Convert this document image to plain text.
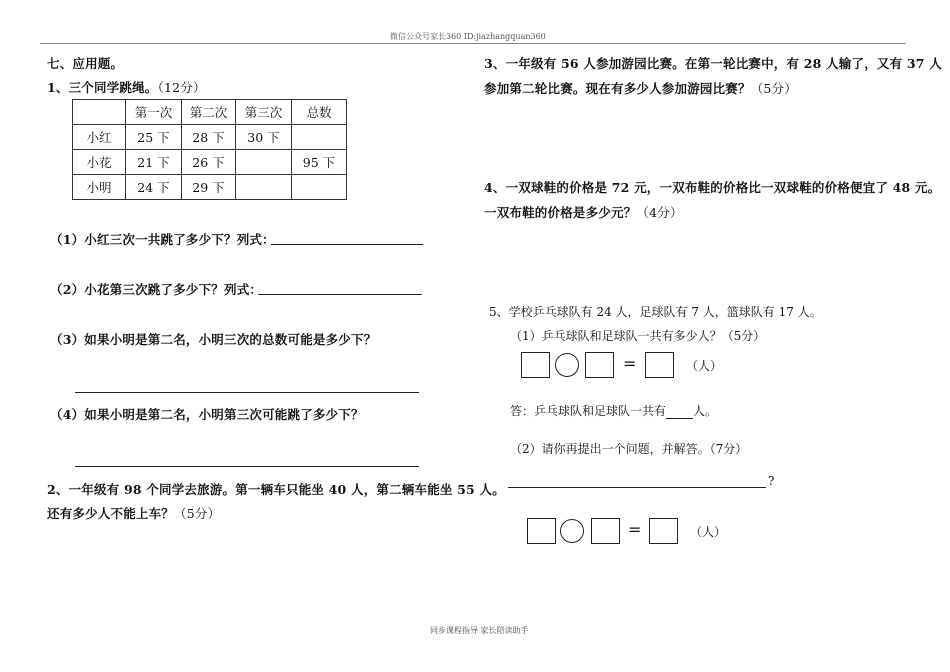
微信公众号家长360 ID:jiazhangquan360
七、应用题。
1、三个同学跳绳。（12分）
	第一次	第二次	第三次	总数
小红	25 下	28 下	30 下	
小花	21 下	26 下		95 下
小明	24 下	29 下		
（1）小红三次一共跳了多少下？列式：
（2）小花第三次跳了多少下？列式：
（3）如果小明是第二名，小明三次的总数可能是多少下？
（4）如果小明是第二名，小明第三次可能跳了多少下？
2、一年级有 98 个同学去旅游。第一辆车只能坐 40 人，第二辆车能坐 55 人。
还有多少人不能上车？（5分）
3、一年级有 56 人参加游园比赛。在第一轮比赛中，有 28 人输了，又有 37 人
参加第二轮比赛。现在有多少人参加游园比赛？（5分）
4、一双球鞋的价格是 72 元，一双布鞋的价格比一双球鞋的价格便宜了 48 元。
一双布鞋的价格是多少元？（4分）
5、学校乒乓球队有 24 人，足球队有 7 人，篮球队有 17 人。
（1）乒乓球队和足球队一共有多少人？（5分）
=	（人）
答：乒乓球队和足球队一共有 人。
（2）请你再提出一个问题，并解答。（7分）
?
=	（人）
同步课程指导 家长陪读助手
